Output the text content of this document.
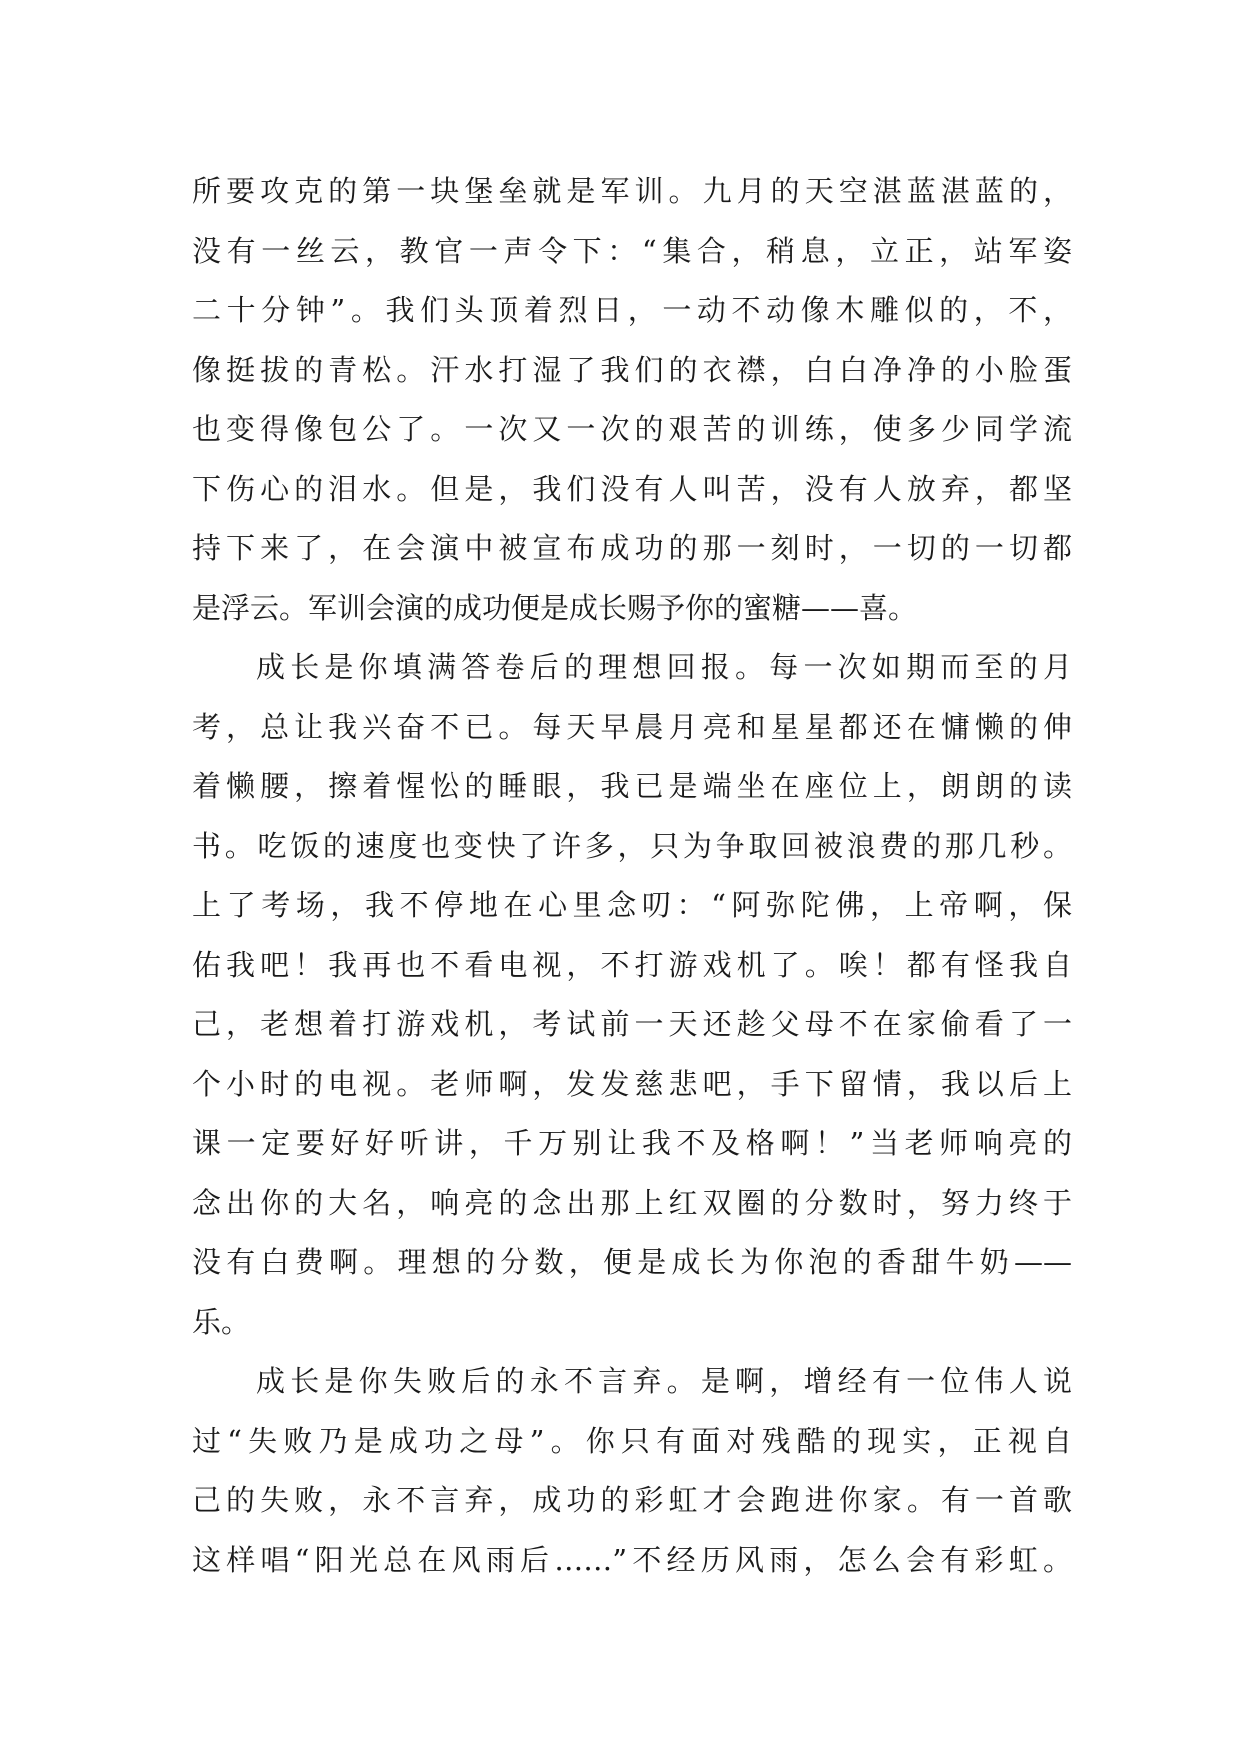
所要攻克的第一块堡垒就是军训。九月的天空湛蓝湛蓝的，
没有一丝云，教官一声令下：“集合，稍息，立正，站军姿
二十分钟”。我们头顶着烈日，一动不动像木雕似的，不，
像挺拔的青松。汗水打湿了我们的衣襟，白白净净的小脸蛋
也变得像包公了。一次又一次的艰苦的训练，使多少同学流
下伤心的泪水。但是，我们没有人叫苦，没有人放弃，都坚
持下来了，在会演中被宣布成功的那一刻时，一切的一切都
是浮云。军训会演的成功便是成长赐予你的蜜糖——喜。
成长是你填满答卷后的理想回报。每一次如期而至的月
考，总让我兴奋不已。每天早晨月亮和星星都还在慵懒的伸
着懒腰，擦着惺忪的睡眼，我已是端坐在座位上，朗朗的读
书。吃饭的速度也变快了许多，只为争取回被浪费的那几秒。
上了考场，我不停地在心里念叨：“阿弥陀佛，上帝啊，保
佑我吧！我再也不看电视，不打游戏机了。唉！都有怪我自
己，老想着打游戏机，考试前一天还趁父母不在家偷看了一
个小时的电视。老师啊，发发慈悲吧，手下留情，我以后上
课一定要好好听讲，千万别让我不及格啊！”当老师响亮的
念出你的大名，响亮的念出那上红双圈的分数时，努力终于
没有白费啊。理想的分数，便是成长为你泡的香甜牛奶——
乐。
成长是你失败后的永不言弃。是啊，增经有一位伟人说
过“失败乃是成功之母”。你只有面对残酷的现实，正视自
己的失败，永不言弃，成功的彩虹才会跑进你家。有一首歌
这样唱“阳光总在风雨后……”不经历风雨，怎么会有彩虹。
